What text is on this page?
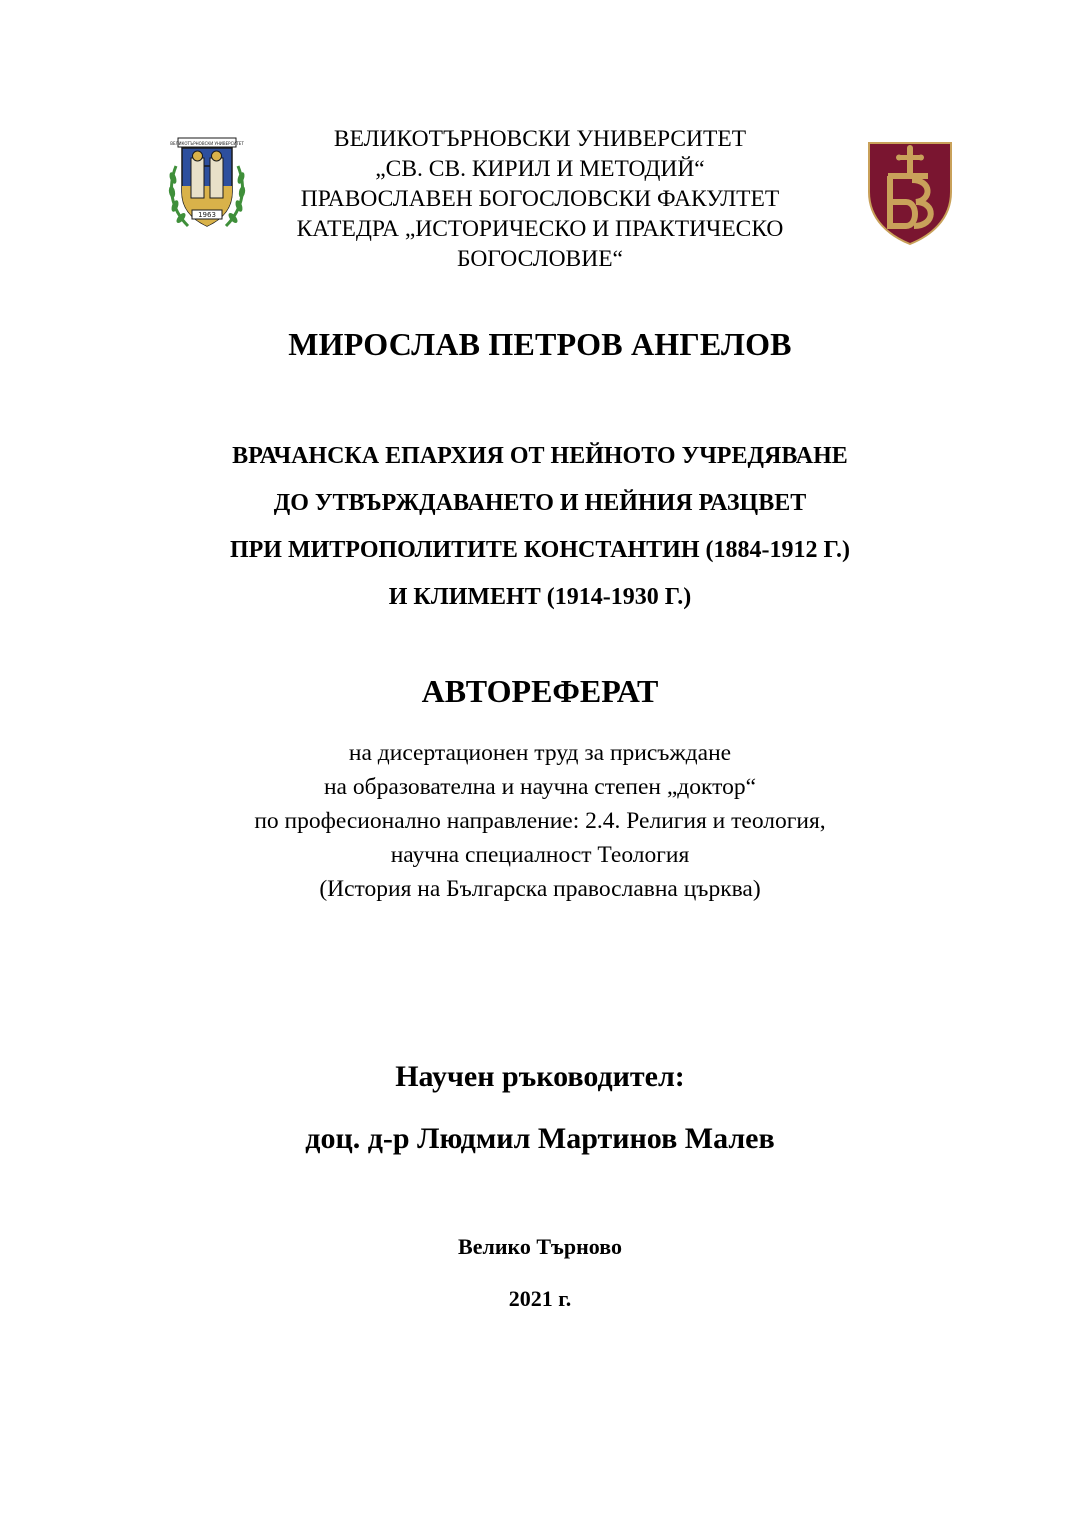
ВЕЛИКОТЪРНОВСКИ УНИВЕРСИТЕТ
1963
ВЕЛИКОТЪРНОВСКИ УНИВЕРСИТЕТ
„СВ. СВ. КИРИЛ И МЕТОДИЙ“
ПРАВОСЛАВЕН БОГОСЛОВСКИ ФАКУЛТЕТ
КАТЕДРА „ИСТОРИЧЕСКО И ПРАКТИЧЕСКО
БОГОСЛОВИЕ“
МИРОСЛАВ ПЕТРОВ АНГЕЛОВ
ВРАЧАНСКА ЕПАРХИЯ ОТ НЕЙНОТО УЧРЕДЯВАНЕ
ДО УТВЪРЖДАВАНЕТО И НЕЙНИЯ РАЗЦВЕТ
ПРИ МИТРОПОЛИТИТЕ КОНСТАНТИН (1884-1912 Г.)
И КЛИМЕНТ (1914-1930 Г.)
АВТОРЕФЕРАТ
на дисертационен труд за присъждане
на образователна и научна степен „доктор“
по професионално направление: 2.4. Религия и теология,
научна специалност Теология
(История на Българска православна църква)
Научен ръководител:
доц. д-р Людмил Мартинов Малев
Велико Търново
2021 г.
